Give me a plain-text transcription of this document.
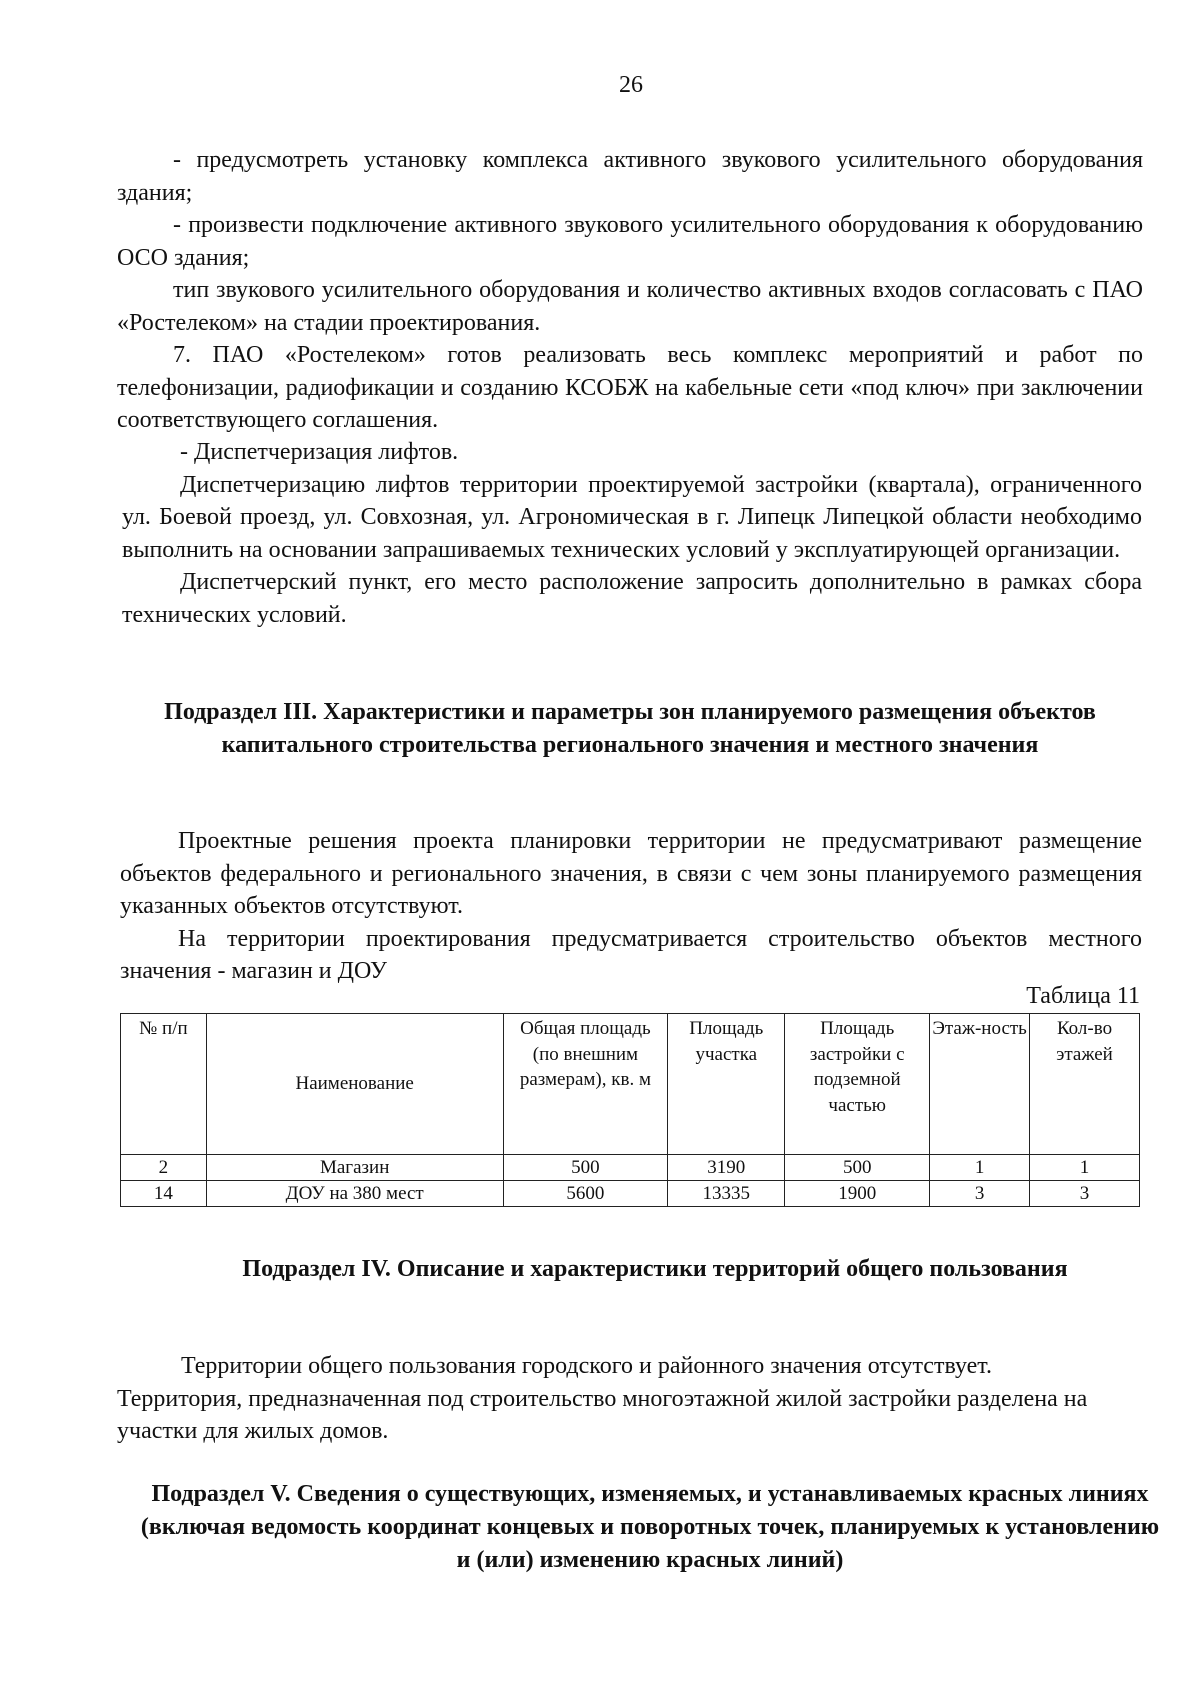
26
- предусмотреть установку комплекса активного звукового усилительного оборудования здания;
- произвести подключение активного звукового усилительного оборудования к оборудованию ОСО здания;
тип звукового усилительного оборудования и количество активных входов согласовать с ПАО «Ростелеком» на стадии проектирования.
7. ПАО «Ростелеком» готов реализовать весь комплекс мероприятий и работ по телефонизации, радиофикации и созданию КСОБЖ на кабельные сети «под ключ» при заключении соответствующего соглашения.
- Диспетчеризация лифтов.
Диспетчеризацию лифтов территории проектируемой застройки (квартала), ограниченного ул. Боевой проезд, ул. Совхозная, ул. Агрономическая в г. Липецк Липецкой области необходимо выполнить на основании запрашиваемых технических условий у эксплуатирующей организации.
Диспетчерский пункт, его место расположение запросить дополнительно в рамках сбора технических условий.
Подраздел III. Характеристики и параметры зон планируемого размещения объектов капитального строительства регионального значения и местного значения
Проектные решения проекта планировки территории не предусматривают размещение объектов федерального и регионального значения, в связи с чем зоны планируемого размещения указанных объектов отсутствуют.
На территории проектирования предусматривается строительство объектов местного значения - магазин и ДОУ
Таблица 11
№ п/п	Наименование	Общая площадь (по внешним размерам), кв. м	Площадь участка	Площадь застройки с подземной частью	Этаж-ность	Кол-во этажей
2	Магазин	500	3190	500	1	1
14	ДОУ на 380 мест	5600	13335	1900	3	3
Подраздел IV. Описание и характеристики территорий общего пользования
Территории общего пользования городского и районного значения отсутствует.
Территория, предназначенная под строительство многоэтажной жилой застройки разделена на участки для жилых домов.
Подраздел V. Сведения о существующих, изменяемых, и устанавливаемых красных линиях (включая ведомость координат концевых и поворотных точек, планируемых к установлению и (или) изменению красных линий)
